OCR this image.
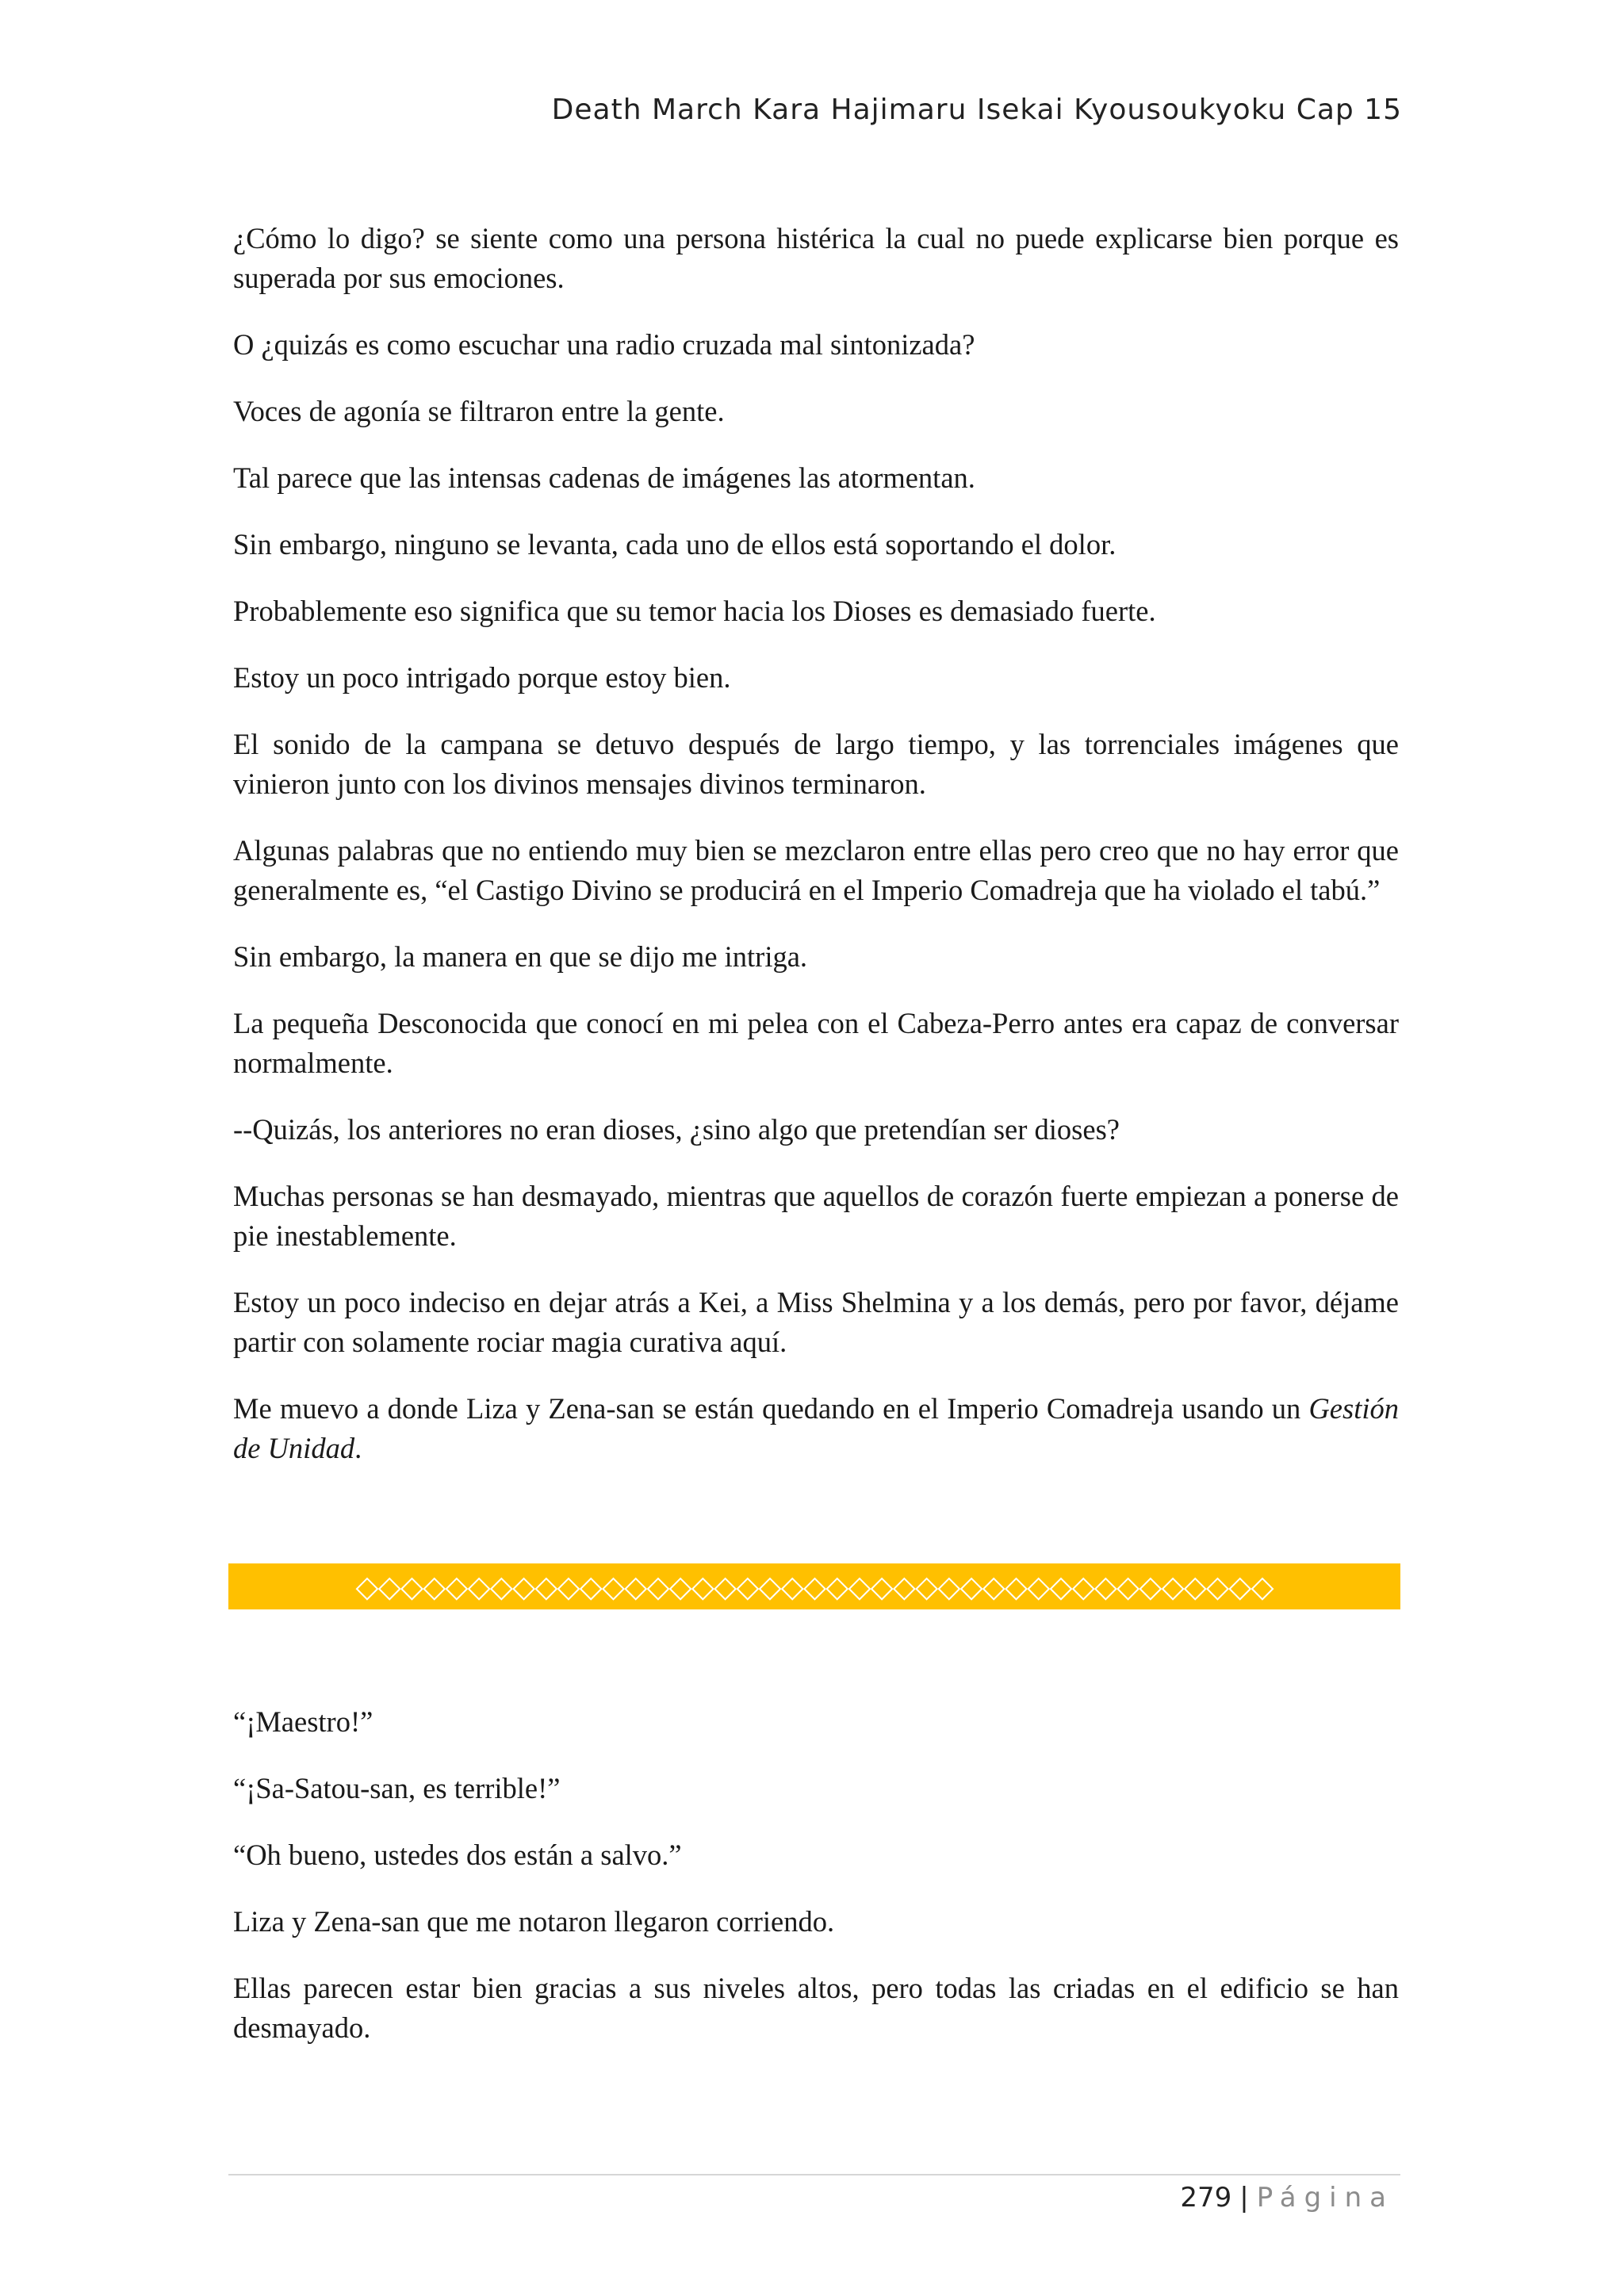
Death March Kara Hajimaru Isekai Kyousoukyoku Cap 15

¿Cómo lo digo? se siente como una persona histérica la cual no puede explicarse bien porque es superada por sus emociones.

O ¿quizás es como escuchar una radio cruzada mal sintonizada?

Voces de agonía se filtraron entre la gente.

Tal parece que las intensas cadenas de imágenes las atormentan.

Sin embargo, ninguno se levanta, cada uno de ellos está soportando el dolor.

Probablemente eso significa que su temor hacia los Dioses es demasiado fuerte.

Estoy un poco intrigado porque estoy bien.

El sonido de la campana se detuvo después de largo tiempo, y las torrenciales imágenes que vinieron junto con los divinos mensajes divinos terminaron.

Algunas palabras que no entiendo muy bien se mezclaron entre ellas pero creo que no hay error que generalmente es, “el Castigo Divino se producirá en el Imperio Comadreja que ha violado el tabú.”

Sin embargo, la manera en que se dijo me intriga.

La pequeña Desconocida que conocí en mi pelea con el Cabeza-Perro antes era capaz de conversar normalmente.

--Quizás, los anteriores no eran dioses, ¿sino algo que pretendían ser dioses?

Muchas personas se han desmayado, mientras que aquellos de corazón fuerte empiezan a ponerse de pie inestablemente.

Estoy un poco indeciso en dejar atrás a Kei, a Miss Shelmina y a los demás, pero por favor, déjame partir con solamente rociar magia curativa aquí.

Me muevo a donde Liza y Zena-san se están quedando en el Imperio Comadreja usando un Gestión de Unidad.

◇◇◇◇◇◇◇◇◇◇◇◇◇◇◇◇◇◇◇◇◇◇◇◇◇◇◇◇◇◇◇◇◇◇◇◇◇◇◇◇◇

“¡Maestro!”

“¡Sa-Satou-san, es terrible!”

“Oh bueno, ustedes dos están a salvo.”

Liza y Zena-san que me notaron llegaron corriendo.

Ellas parecen estar bien gracias a sus niveles altos, pero todas las criadas en el edificio se han desmayado.

279 | Página
